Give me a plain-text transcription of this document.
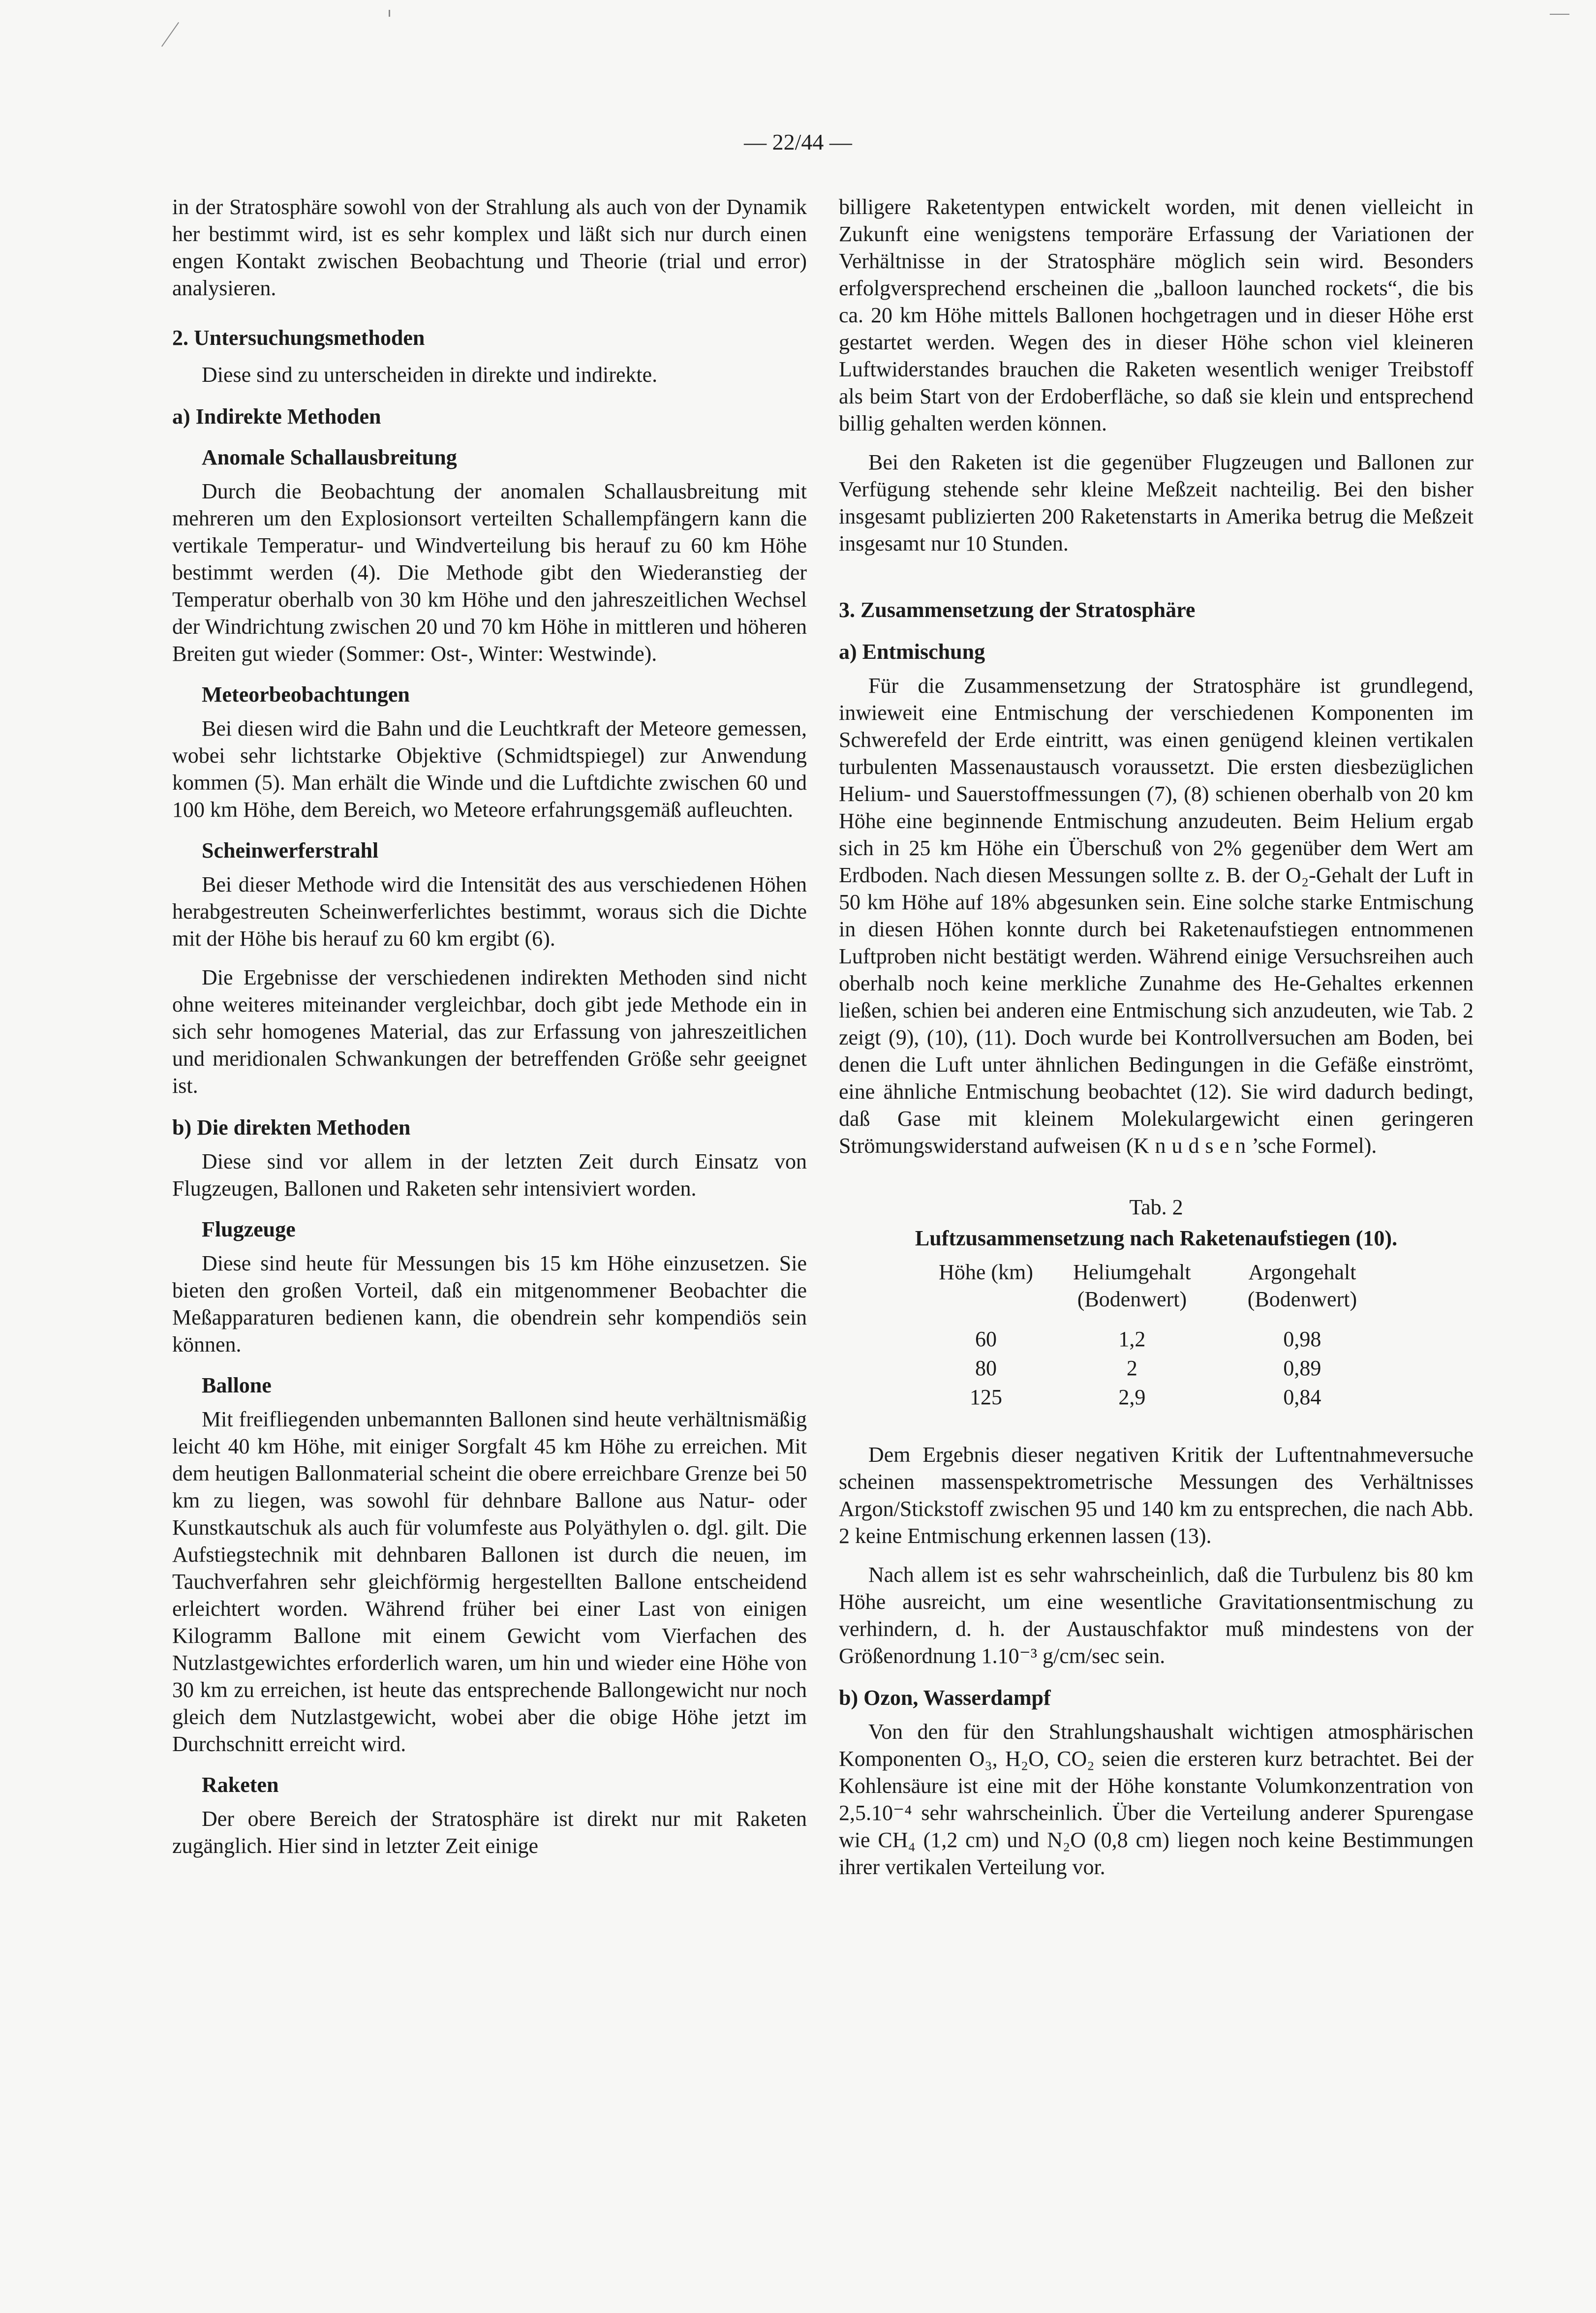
— 22/44 —

in der Stratosphäre sowohl von der Strahlung als auch von der Dynamik her bestimmt wird, ist es sehr komplex und läßt sich nur durch einen engen Kontakt zwischen Beobachtung und Theorie (trial und error) analysieren.

2. Untersuchungsmethoden

Diese sind zu unterscheiden in direkte und indirekte.

a) Indirekte Methoden
Anomale Schallausbreitung

Durch die Beobachtung der anomalen Schallausbreitung mit mehreren um den Explosionsort verteilten Schallempfängern kann die vertikale Temperatur- und Windverteilung bis herauf zu 60 km Höhe bestimmt werden (4). Die Methode gibt den Wiederanstieg der Temperatur oberhalb von 30 km Höhe und den jahreszeitlichen Wechsel der Windrichtung zwischen 20 und 70 km Höhe in mittleren und höheren Breiten gut wieder (Sommer: Ost-, Winter: Westwinde).

Meteorbeobachtungen

Bei diesen wird die Bahn und die Leuchtkraft der Meteore gemessen, wobei sehr lichtstarke Objektive (Schmidtspiegel) zur Anwendung kommen (5). Man erhält die Winde und die Luftdichte zwischen 60 und 100 km Höhe, dem Bereich, wo Meteore erfahrungsgemäß aufleuchten.

Scheinwerferstrahl

Bei dieser Methode wird die Intensität des aus verschiedenen Höhen herabgestreuten Scheinwerferlichtes bestimmt, woraus sich die Dichte mit der Höhe bis herauf zu 60 km ergibt (6).

Die Ergebnisse der verschiedenen indirekten Methoden sind nicht ohne weiteres miteinander vergleichbar, doch gibt jede Methode ein in sich sehr homogenes Material, das zur Erfassung von jahreszeitlichen und meridionalen Schwankungen der betreffenden Größe sehr geeignet ist.

b) Die direkten Methoden

Diese sind vor allem in der letzten Zeit durch Einsatz von Flugzeugen, Ballonen und Raketen sehr intensiviert worden.

Flugzeuge

Diese sind heute für Messungen bis 15 km Höhe einzusetzen. Sie bieten den großen Vorteil, daß ein mitgenommener Beobachter die Meßapparaturen bedienen kann, die obendrein sehr kompendiös sein können.

Ballone

Mit freifliegenden unbemannten Ballonen sind heute verhältnismäßig leicht 40 km Höhe, mit einiger Sorgfalt 45 km Höhe zu erreichen. Mit dem heutigen Ballonmaterial scheint die obere erreichbare Grenze bei 50 km zu liegen, was sowohl für dehnbare Ballone aus Natur- oder Kunstkautschuk als auch für volumfeste aus Polyäthylen o. dgl. gilt. Die Aufstiegstechnik mit dehnbaren Ballonen ist durch die neuen, im Tauchverfahren sehr gleichförmig hergestellten Ballone entscheidend erleichtert worden. Während früher bei einer Last von einigen Kilogramm Ballone mit einem Gewicht vom Vierfachen des Nutzlastgewichtes erforderlich waren, um hin und wieder eine Höhe von 30 km zu erreichen, ist heute das entsprechende Ballongewicht nur noch gleich dem Nutzlastgewicht, wobei aber die obige Höhe jetzt im Durchschnitt erreicht wird.

Raketen

Der obere Bereich der Stratosphäre ist direkt nur mit Raketen zugänglich. Hier sind in letzter Zeit einige

billigere Raketentypen entwickelt worden, mit denen vielleicht in Zukunft eine wenigstens temporäre Erfassung der Variationen der Verhältnisse in der Stratosphäre möglich sein wird. Besonders erfolgversprechend erscheinen die „balloon launched rockets“, die bis ca. 20 km Höhe mittels Ballonen hochgetragen und in dieser Höhe erst gestartet werden. Wegen des in dieser Höhe schon viel kleineren Luftwiderstandes brauchen die Raketen wesentlich weniger Treibstoff als beim Start von der Erdoberfläche, so daß sie klein und entsprechend billig gehalten werden können.

Bei den Raketen ist die gegenüber Flugzeugen und Ballonen zur Verfügung stehende sehr kleine Meßzeit nachteilig. Bei den bisher insgesamt publizierten 200 Raketenstarts in Amerika betrug die Meßzeit insgesamt nur 10 Stunden.

3. Zusammensetzung der Stratosphäre
a) Entmischung

Für die Zusammensetzung der Stratosphäre ist grundlegend, inwieweit eine Entmischung der verschiedenen Komponenten im Schwerefeld der Erde eintritt, was einen genügend kleinen vertikalen turbulenten Massenaustausch voraussetzt. Die ersten diesbezüglichen Helium- und Sauerstoffmessungen (7), (8) schienen oberhalb von 20 km Höhe eine beginnende Entmischung anzudeuten. Beim Helium ergab sich in 25 km Höhe ein Überschuß von 2% gegenüber dem Wert am Erdboden. Nach diesen Messungen sollte z. B. der O₂-Gehalt der Luft in 50 km Höhe auf 18% abgesunken sein. Eine solche starke Entmischung in diesen Höhen konnte durch bei Raketenaufstiegen entnommenen Luftproben nicht bestätigt werden. Während einige Versuchsreihen auch oberhalb noch keine merkliche Zunahme des He-Gehaltes erkennen ließen, schien bei anderen eine Entmischung sich anzudeuten, wie Tab. 2 zeigt (9), (10), (11). Doch wurde bei Kontrollversuchen am Boden, bei denen die Luft unter ähnlichen Bedingungen in die Gefäße einströmt, eine ähnliche Entmischung beobachtet (12). Sie wird dadurch bedingt, daß Gase mit kleinem Molekulargewicht einen geringeren Strömungswiderstand aufweisen (Knudsen’sche Formel).

Tab. 2
Luftzusammensetzung nach Raketenaufstiegen (10).
Höhe (km)	Heliumgehalt (Bodenwert)	Argongehalt (Bodenwert)
60	1,2	0,98
80	2	0,89
125	2,9	0,84

Dem Ergebnis dieser negativen Kritik der Luftentnahmeversuche scheinen massenspektrometrische Messungen des Verhältnisses Argon/Stickstoff zwischen 95 und 140 km zu entsprechen, die nach Abb. 2 keine Entmischung erkennen lassen (13).

Nach allem ist es sehr wahrscheinlich, daß die Turbulenz bis 80 km Höhe ausreicht, um eine wesentliche Gravitationsentmischung zu verhindern, d. h. der Austauschfaktor muß mindestens von der Größenordnung 1.10⁻³ g/cm/sec sein.

b) Ozon, Wasserdampf

Von den für den Strahlungshaushalt wichtigen atmosphärischen Komponenten O₃, H₂O, CO₂ seien die ersteren kurz betrachtet. Bei der Kohlensäure ist eine mit der Höhe konstante Volumkonzentration von 2,5.10⁻⁴ sehr wahrscheinlich. Über die Verteilung anderer Spurengase wie CH₄ (1,2 cm) und N₂O (0,8 cm) liegen noch keine Bestimmungen ihrer vertikalen Verteilung vor.
